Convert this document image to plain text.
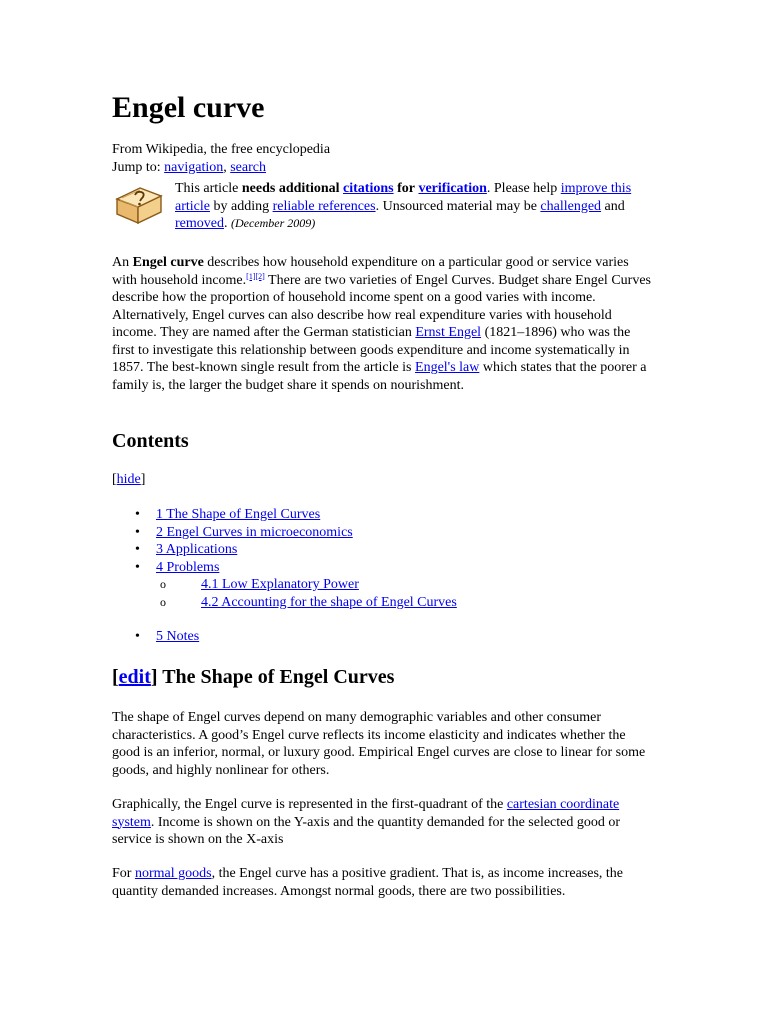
Engel curve
From Wikipedia, the free encyclopedia
Jump to: navigation, search
This article needs additional citations for verification. Please help improve this article by adding reliable references. Unsourced material may be challenged and removed. (December 2009)

An Engel curve describes how household expenditure on a particular good or service varies with household income.[1][2] There are two varieties of Engel Curves. Budget share Engel Curves describe how the proportion of household income spent on a good varies with income. Alternatively, Engel curves can also describe how real expenditure varies with household income. They are named after the German statistician Ernst Engel (1821–1896) who was the first to investigate this relationship between goods expenditure and income systematically in 1857. The best-known single result from the article is Engel's law which states that the poorer a family is, the larger the budget share it spends on nourishment.

Contents
[hide]
• 1 The Shape of Engel Curves
• 2 Engel Curves in microeconomics
• 3 Applications
• 4 Problems
o	4.1 Low Explanatory Power
o	4.2 Accounting for the shape of Engel Curves
• 5 Notes
[edit] The Shape of Engel Curves

The shape of Engel curves depend on many demographic variables and other consumer characteristics. A good’s Engel curve reflects its income elasticity and indicates whether the good is an inferior, normal, or luxury good. Empirical Engel curves are close to linear for some goods, and highly nonlinear for others.

Graphically, the Engel curve is represented in the first-quadrant of the cartesian coordinate system. Income is shown on the Y-axis and the quantity demanded for the selected good or service is shown on the X-axis

For normal goods, the Engel curve has a positive gradient. That is, as income increases, the quantity demanded increases. Amongst normal goods, there are two possibilities.
